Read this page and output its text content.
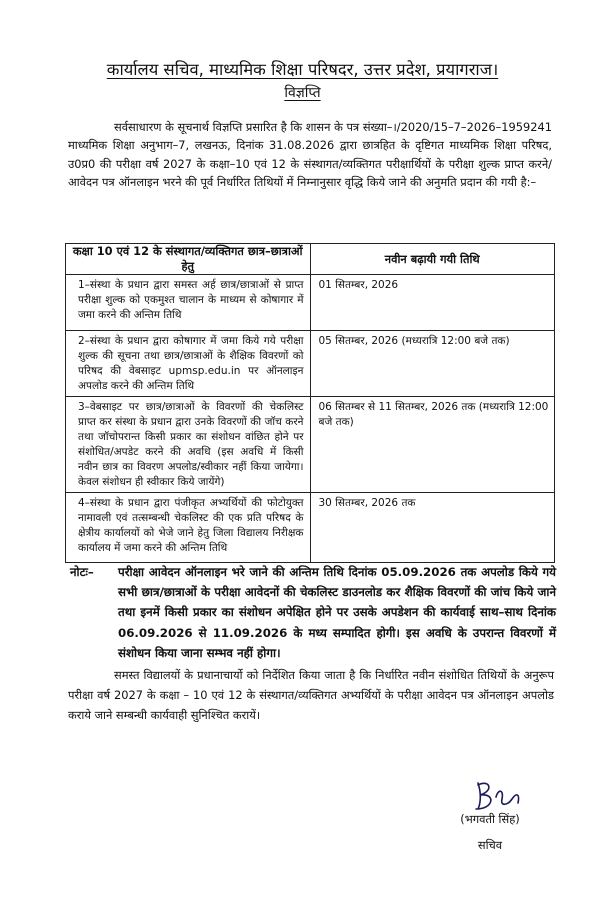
कार्यालय सचिव, माध्यमिक शिक्षा परिषदर, उत्तर प्रदेश, प्रयागराज।
विज्ञप्ति
सर्वसाधारण के सूचनार्थ विज्ञप्ति प्रसारित है कि शासन के पत्र संख्या–।/2020/15–7–2026–1959241 माध्यमिक शिक्षा अनुभाग–7, लखनऊ, दिनांक 31.08.2026 द्वारा छात्रहित के दृष्टिगत माध्यमिक शिक्षा परिषद, उ0प्र0 की परीक्षा वर्ष 2027 के कक्षा–10 एवं 12 के संस्थागत/व्यक्तिगत परीक्षार्थियों के परीक्षा शुल्क प्राप्त करने/आवेदन पत्र ऑनलाइन भरने की पूर्व निर्धारित तिथियों में निम्नानुसार वृद्धि किये जाने की अनुमति प्रदान की गयी है:–
कक्षा 10 एवं 12 के संस्थागत/व्यक्तिगत छात्र–छात्राओं हेतु	नवीन बढ़ायी गयी तिथि
1–संस्था के प्रधान द्वारा समस्त अर्ह छात्र/छात्राओं से प्राप्त परीक्षा शुल्क को एकमुश्त चालान के माध्यम से कोषागार में जमा करने की अन्तिम तिथि	01 सितम्बर, 2026
2–संस्था के प्रधान द्वारा कोषागार में जमा किये गये परीक्षा शुल्क की सूचना तथा छात्र/छात्राओं के शैक्षिक विवरणों को परिषद की वेबसाइट upmsp.edu.in पर ऑनलाइन अपलोड करने की अन्तिम तिथि	05 सितम्बर, 2026 (मध्यरात्रि 12:00 बजे तक)
3–वेबसाइट पर छात्र/छात्राओं के विवरणों की चेकलिस्ट प्राप्त कर संस्था के प्रधान द्वारा उनके विवरणों की जॉच करने तथा जॉचोपरान्त किसी प्रकार का संशोधन वांछित होने पर संशोधित/अपडेट करने की अवधि (इस अवधि में किसी नवीन छात्र का विवरण अपलोड/स्वीकार नहीं किया जायेगा। केवल संशोधन ही स्वीकार किये जायेंगे)	06 सितम्बर से 11 सितम्बर, 2026 तक (मध्यरात्रि 12:00 बजे तक)
4–संस्था के प्रधान द्वारा पंजीकृत अभ्यर्थियों की फोटोयुक्त नामावली एवं तत्सम्बन्धी चेकलिस्ट की एक प्रति परिषद के क्षेत्रीय कार्यालयों को भेजे जाने हेतु जिला विद्यालय निरीक्षक कार्यालय में जमा करने की अन्तिम तिथि	30 सितम्बर, 2026 तक
नोटः– परीक्षा आवेदन ऑनलाइन भरे जाने की अन्तिम तिथि दिनांक 05.09.2026 तक अपलोड किये गये सभी छात्र/छात्राओं के परीक्षा आवेदनों की चेकलिस्ट डाउनलोड कर शैक्षिक विवरणों की जांच किये जाने तथा इनमें किसी प्रकार का संशोधन अपेक्षित होने पर उसके अपडेशन की कार्यवाई साथ–साथ दिनांक 06.09.2026 से 11.09.2026 के मध्य सम्पादित होगी। इस अवधि के उपरान्त विवरणों में संशोधन किया जाना सम्भव नहीं होगा।
समस्त विद्यालयों के प्रधानाचार्यो को निर्देशित किया जाता है कि निर्धारित नवीन संशोधित तिथियों के अनुरूप परीक्षा वर्ष 2027 के कक्षा – 10 एवं 12 के संस्थागत/व्यक्तिगत अभ्यर्थियों के परीक्षा आवेदन पत्र ऑनलाइन अपलोड कराये जाने सम्बन्धी कार्यवाही सुनिश्चित करायें।
(भगवती सिंह)
सचिव
